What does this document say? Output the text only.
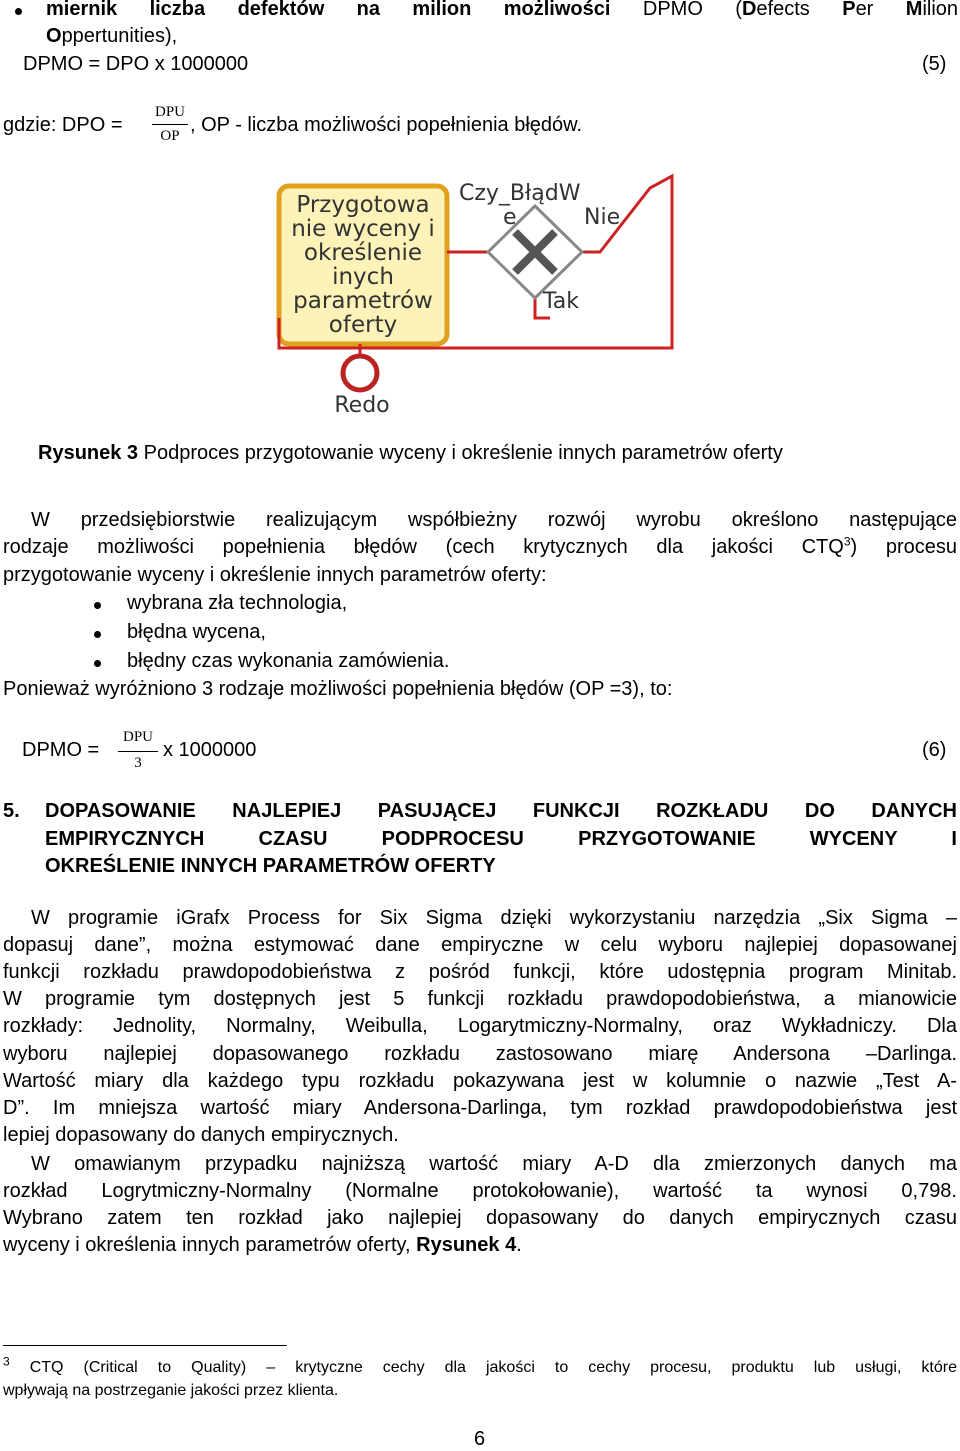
miernik liczba defektów na milion możliwości DPMO (Defects Per Milion
Oppertunities),
DPMO = DPO x 1000000	(5)
gdzie: DPO =
DPU
OP , OP - liczba możliwości popełnienia błędów.
Przygotowa
nie wyceny i
określenie
inych
parametrów
oferty
Czy_BłądW
e	Nie
Tak
Redo
Rysunek 3 Podproces przygotowanie wyceny i określenie innych parametrów oferty
W przedsiębiorstwie realizującym współbieżny rozwój wyrobu określono następujące
rodzaje możliwości popełnienia błędów (cech krytycznych dla jakości CTQ$^3$) procesu
przygotowanie wyceny i określenie innych parametrów oferty:
wybrana zła technologia,
błędna wycena,
błędny czas wykonania zamówienia.
Ponieważ wyróżniono 3 rodzaje możliwości popełnienia błędów (OP =3), to:
DPMO =
DPU
3
x 1000000	(6)
5. DOPASOWANIE NAJLEPIEJ PASUJĄCEJ FUNKCJI ROZKŁADU DO DANYCH
EMPIRYCZNYCH CZASU PODPROCESU PRZYGOTOWANIE WYCENY I
OKREŚLENIE INNYCH PARAMETRÓW OFERTY
W programie iGrafx Process for Six Sigma dzięki wykorzystaniu narzędzia „Six Sigma –
dopasuj dane”, można estymować dane empiryczne w celu wyboru najlepiej dopasowanej
funkcji rozkładu prawdopodobieństwa z pośród funkcji, które udostępnia program Minitab.
W programie tym dostępnych jest 5 funkcji rozkładu prawdopodobieństwa, a mianowicie
rozkłady: Jednolity, Normalny, Weibulla, Logarytmiczny-Normalny, oraz Wykładniczy. Dla
wyboru najlepiej dopasowanego rozkładu zastosowano miarę Andersona –Darlinga.
Wartość miary dla każdego typu rozkładu pokazywana jest w kolumnie o nazwie „Test A-
D”. Im mniejsza wartość miary Andersona-Darlinga, tym rozkład prawdopodobieństwa jest
lepiej dopasowany do danych empirycznych.
W omawianym przypadku najniższą wartość miary A-D dla zmierzonych danych ma
rozkład Logrytmiczny-Normalny (Normalne protokołowanie), wartość ta wynosi 0,798.
Wybrano zatem ten rozkład jako najlepiej dopasowany do danych empirycznych czasu
wyceny i określenia innych parametrów oferty, Rysunek 4.
$^3$ CTQ (Critical to Quality) – krytyczne cechy dla jakości to cechy procesu, produktu lub usługi, które
wpływają na postrzeganie jakości przez klienta.
6
